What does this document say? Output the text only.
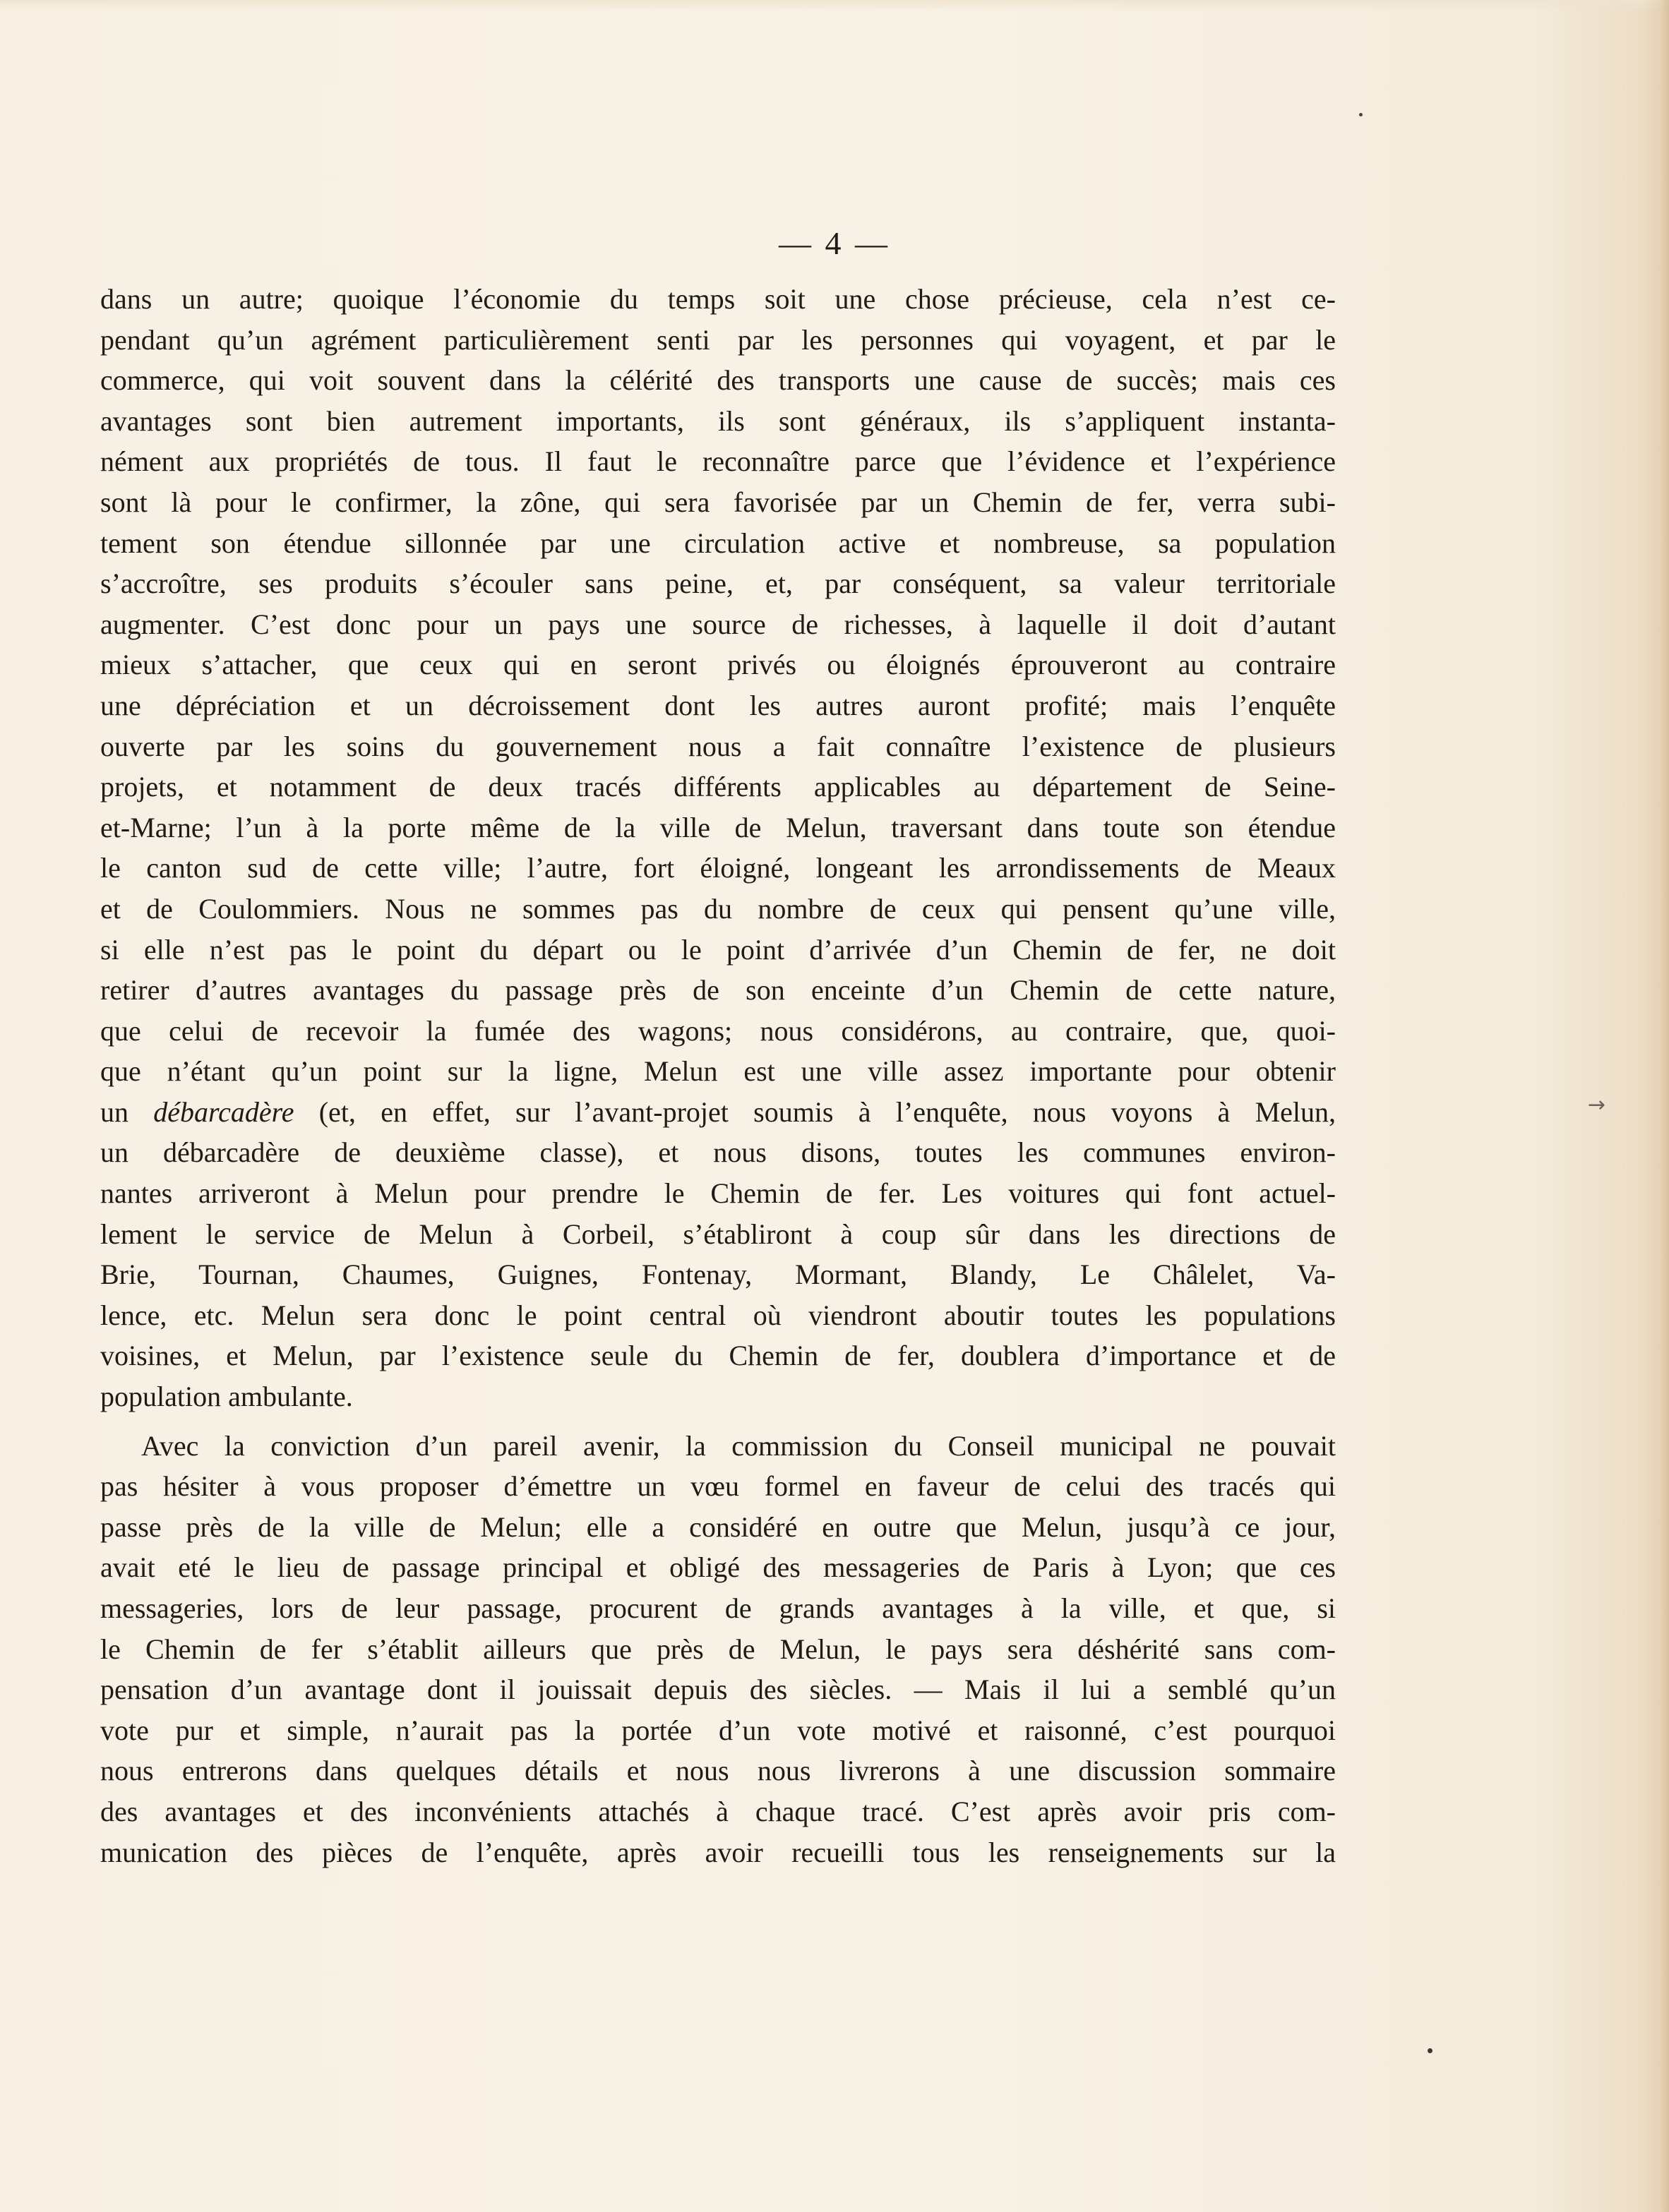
— 4 —
dans un autre; quoique l’économie du temps soit une chose précieuse, cela n’est ce-
pendant qu’un agrément particulièrement senti par les personnes qui voyagent, et par le
commerce, qui voit souvent dans la célérité des transports une cause de succès; mais ces
avantages sont bien autrement importants, ils sont généraux, ils s’appliquent instanta-
nément aux propriétés de tous. Il faut le reconnaître parce que l’évidence et l’expérience
sont là pour le confirmer, la zône, qui sera favorisée par un Chemin de fer, verra subi-
tement son étendue sillonnée par une circulation active et nombreuse, sa population
s’accroître, ses produits s’écouler sans peine, et, par conséquent, sa valeur territoriale
augmenter. C’est donc pour un pays une source de richesses, à laquelle il doit d’autant
mieux s’attacher, que ceux qui en seront privés ou éloignés éprouveront au contraire
une dépréciation et un décroissement dont les autres auront profité; mais l’enquête
ouverte par les soins du gouvernement nous a fait connaître l’existence de plusieurs
projets, et notamment de deux tracés différents applicables au département de Seine-
et-Marne; l’un à la porte même de la ville de Melun, traversant dans toute son étendue
le canton sud de cette ville; l’autre, fort éloigné, longeant les arrondissements de Meaux
et de Coulommiers. Nous ne sommes pas du nombre de ceux qui pensent qu’une ville,
si elle n’est pas le point du départ ou le point d’arrivée d’un Chemin de fer, ne doit
retirer d’autres avantages du passage près de son enceinte d’un Chemin de cette nature,
que celui de recevoir la fumée des wagons; nous considérons, au contraire, que, quoi-
que n’étant qu’un point sur la ligne, Melun est une ville assez importante pour obtenir
un débarcadère (et, en effet, sur l’avant-projet soumis à l’enquête, nous voyons à Melun,
un débarcadère de deuxième classe), et nous disons, toutes les communes environ-
nantes arriveront à Melun pour prendre le Chemin de fer. Les voitures qui font actuel-
lement le service de Melun à Corbeil, s’établiront à coup sûr dans les directions de
Brie, Tournan, Chaumes, Guignes, Fontenay, Mormant, Blandy, Le Châlelet, Va-
lence, etc. Melun sera donc le point central où viendront aboutir toutes les populations
voisines, et Melun, par l’existence seule du Chemin de fer, doublera d’importance et de
population ambulante.
Avec la conviction d’un pareil avenir, la commission du Conseil municipal ne pouvait
pas hésiter à vous proposer d’émettre un vœu formel en faveur de celui des tracés qui
passe près de la ville de Melun; elle a considéré en outre que Melun, jusqu’à ce jour,
avait eté le lieu de passage principal et obligé des messageries de Paris à Lyon; que ces
messageries, lors de leur passage, procurent de grands avantages à la ville, et que, si
le Chemin de fer s’établit ailleurs que près de Melun, le pays sera déshérité sans com-
pensation d’un avantage dont il jouissait depuis des siècles. — Mais il lui a semblé qu’un
vote pur et simple, n’aurait pas la portée d’un vote motivé et raisonné, c’est pourquoi
nous entrerons dans quelques détails et nous nous livrerons à une discussion sommaire
des avantages et des inconvénients attachés à chaque tracé. C’est après avoir pris com-
munication des pièces de l’enquête, après avoir recueilli tous les renseignements sur la
→
